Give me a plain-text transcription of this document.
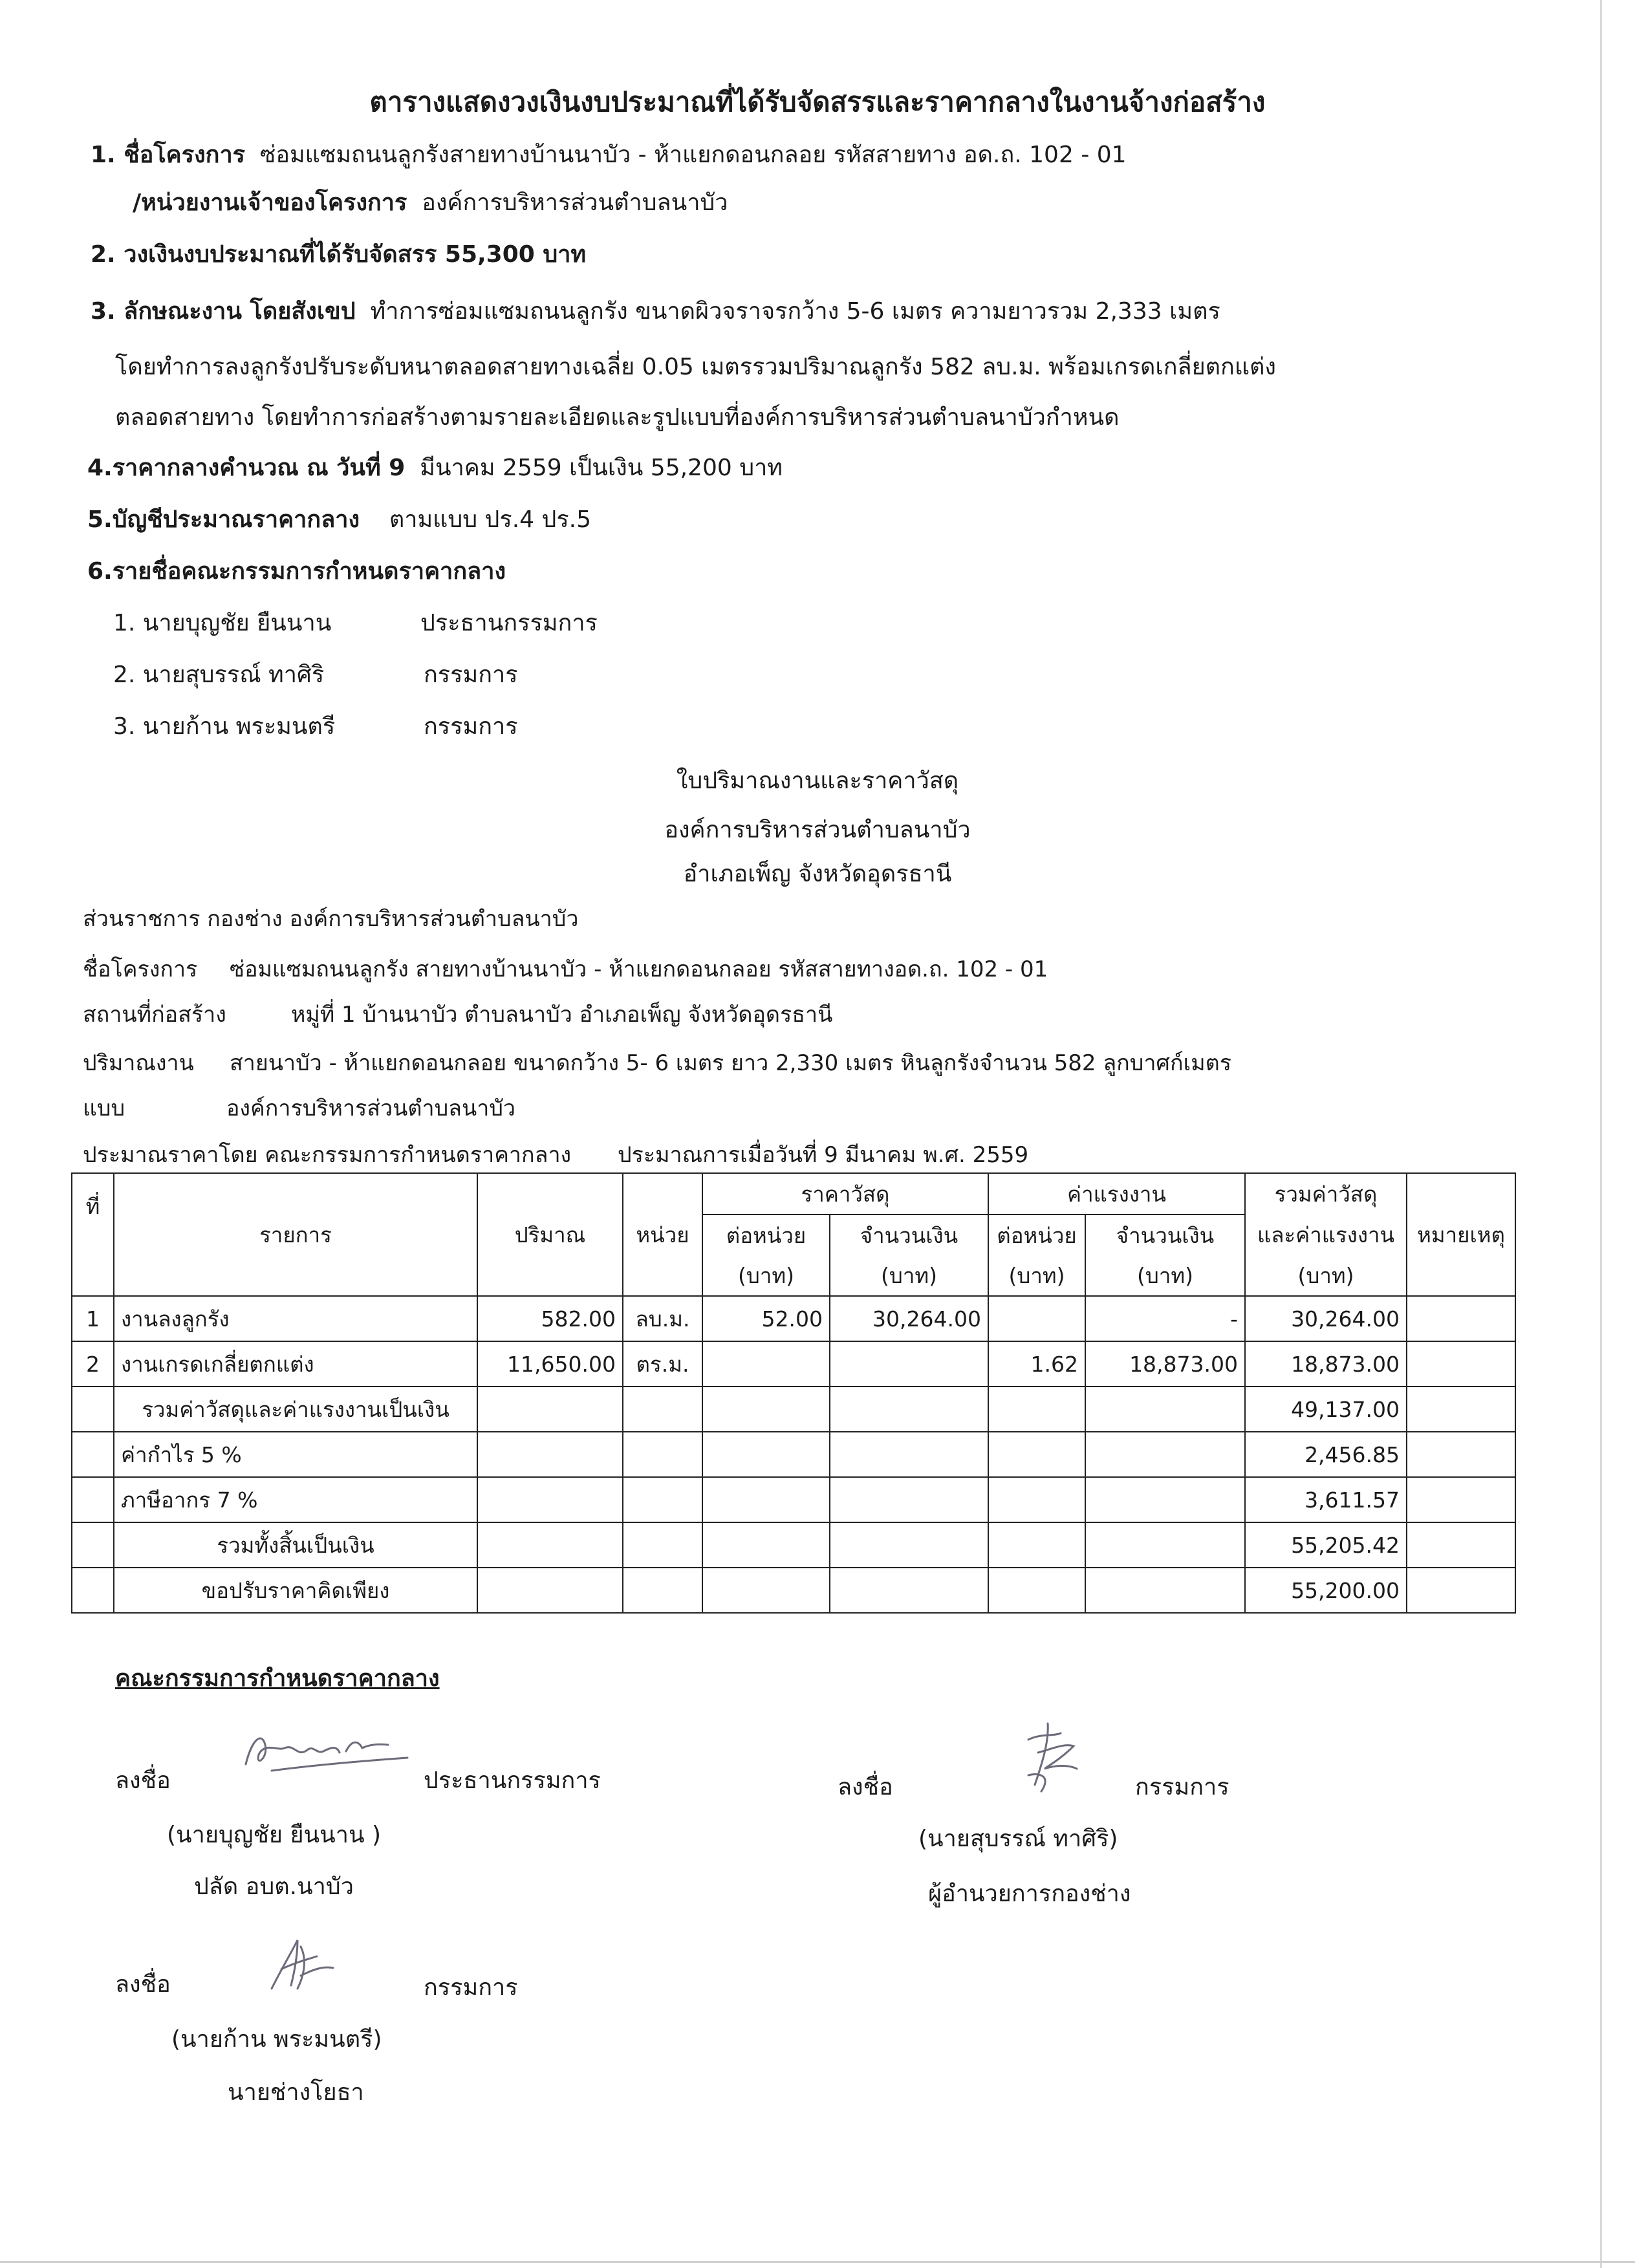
ตารางแสดงวงเงินงบประมาณที่ได้รับจัดสรรและราคากลางในงานจ้างก่อสร้าง
1. ชื่อโครงการ ซ่อมแซมถนนลูกรังสายทางบ้านนาบัว - ห้าแยกดอนกลอย รหัสสายทาง อด.ถ. 102 - 01
/หน่วยงานเจ้าของโครงการ องค์การบริหารส่วนตำบลนาบัว
2. วงเงินงบประมาณที่ได้รับจัดสรร 55,300 บาท
3. ลักษณะงาน โดยสังเขป ทำการซ่อมแซมถนนลูกรัง ขนาดผิวจราจรกว้าง 5-6 เมตร ความยาวรวม 2,333 เมตร
โดยทำการลงลูกรังปรับระดับหนาตลอดสายทางเฉลี่ย 0.05 เมตรรวมปริมาณลูกรัง 582 ลบ.ม. พร้อมเกรดเกลี่ยตกแต่ง
ตลอดสายทาง โดยทำการก่อสร้างตามรายละเอียดและรูปแบบที่องค์การบริหารส่วนตำบลนาบัวกำหนด
4.ราคากลางคำนวณ ณ วันที่ 9 มีนาคม 2559 เป็นเงิน 55,200 บาท
5.บัญชีประมาณราคากลาง ตามแบบ ปร.4 ปร.5
6.รายชื่อคณะกรรมการกำหนดราคากลาง
1. นายบุญชัย ยืนนาน	ประธานกรรมการ
2. นายสุบรรณ์ ทาศิริ	กรรมการ
3. นายก้าน พระมนตรี	กรรมการ
ใบปริมาณงานและราคาวัสดุ
องค์การบริหารส่วนตำบลนาบัว
อำเภอเพ็ญ จังหวัดอุดรธานี
ส่วนราชการ กองช่าง องค์การบริหารส่วนตำบลนาบัว
ชื่อโครงการ ซ่อมแซมถนนลูกรัง สายทางบ้านนาบัว - ห้าแยกดอนกลอย รหัสสายทางอด.ถ. 102 - 01
สถานที่ก่อสร้าง	หมู่ที่ 1 บ้านนาบัว ตำบลนาบัว อำเภอเพ็ญ จังหวัดอุดรธานี
ปริมาณงาน สายนาบัว - ห้าแยกดอนกลอย ขนาดกว้าง 5- 6 เมตร ยาว 2,330 เมตร หินลูกรังจำนวน 582 ลูกบาศก์เมตร
แบบ	องค์การบริหารส่วนตำบลนาบัว
ประมาณราคาโดย คณะกรรมการกำหนดราคากลาง ประมาณการเมื่อวันที่ 9 มีนาคม พ.ศ. 2559
ที่	รายการ	ปริมาณ	หน่วย	ราคาวัสดุ		ค่าแรงงาน		รวมค่าวัสดุ	หมายเหตุ
				ต่อหน่วย	จำนวนเงิน	ต่อหน่วย	จำนวนเงิน	และค่าแรงงาน	
				(บาท)	(บาท)	(บาท)	(บาท)	(บาท)	
1	งานลงลูกรัง	582.00	ลบ.ม.	52.00	30,264.00		-	30,264.00	
2	งานเกรดเกลี่ยตกแต่ง	11,650.00	ตร.ม.			1.62	18,873.00	18,873.00	
	รวมค่าวัสดุและค่าแรงงานเป็นเงิน							49,137.00	
	ค่ากำไร 5 %							2,456.85	
	ภาษีอากร 7 %							3,611.57	
	รวมทั้งสิ้นเป็นเงิน							55,205.42	
	ขอปรับราคาคิดเพียง							55,200.00	
คณะกรรมการกำหนดราคากลาง
ลงชื่อ	ประธานกรรมการ
(นายบุญชัย ยืนนาน )
ปลัด อบต.นาบัว
ลงชื่อ	กรรมการ
(นายสุบรรณ์ ทาศิริ)
ผู้อำนวยการกองช่าง
ลงชื่อ	กรรมการ
(นายก้าน พระมนตรี)
นายช่างโยธา
